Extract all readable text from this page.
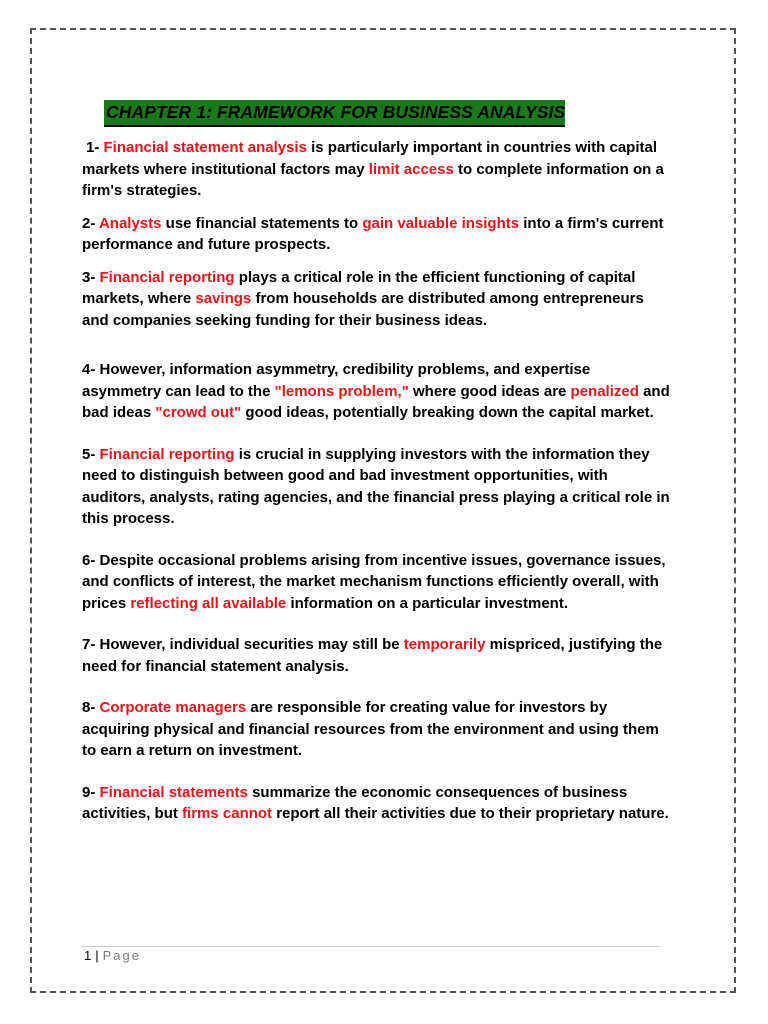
CHAPTER 1: FRAMEWORK FOR BUSINESS ANALYSIS

1- Financial statement analysis is particularly important in countries with capital markets where institutional factors may limit access to complete information on a firm's strategies.

2- Analysts use financial statements to gain valuable insights into a firm's current performance and future prospects.

3- Financial reporting plays a critical role in the efficient functioning of capital markets, where savings from households are distributed among entrepreneurs and companies seeking funding for their business ideas.

4- However, information asymmetry, credibility problems, and expertise asymmetry can lead to the "lemons problem," where good ideas are penalized and bad ideas "crowd out" good ideas, potentially breaking down the capital market.

5- Financial reporting is crucial in supplying investors with the information they need to distinguish between good and bad investment opportunities, with auditors, analysts, rating agencies, and the financial press playing a critical role in this process.

6- Despite occasional problems arising from incentive issues, governance issues, and conflicts of interest, the market mechanism functions efficiently overall, with prices reflecting all available information on a particular investment.

7- However, individual securities may still be temporarily mispriced, justifying the need for financial statement analysis.

8- Corporate managers are responsible for creating value for investors by acquiring physical and financial resources from the environment and using them to earn a return on investment.

9- Financial statements summarize the economic consequences of business activities, but firms cannot report all their activities due to their proprietary nature.

1 | Page
